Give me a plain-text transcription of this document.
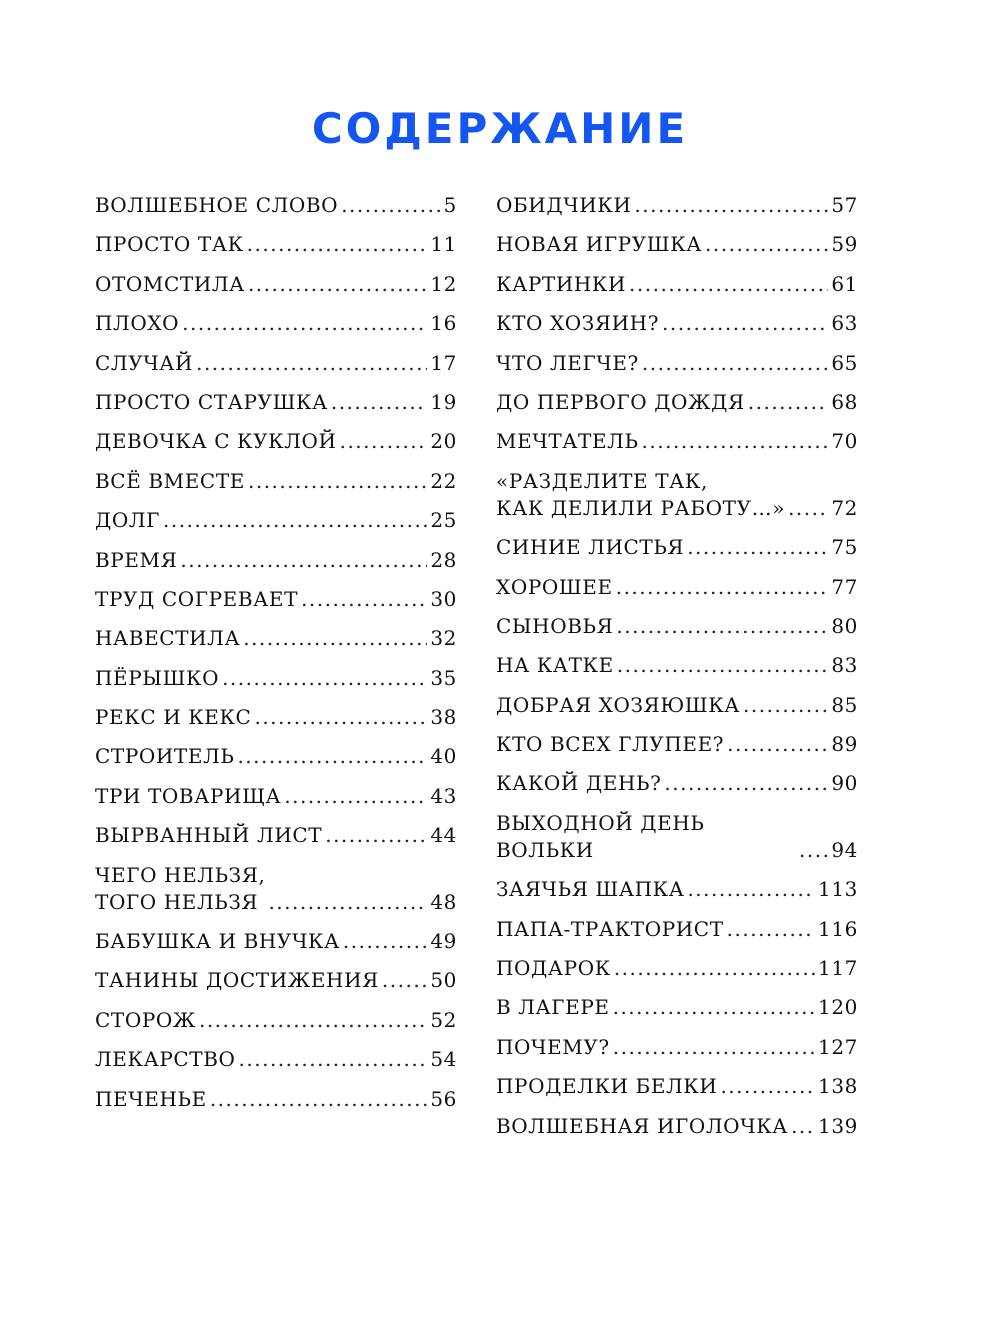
СОДЕРЖАНИЕ
ВОЛШЕБНОЕ СЛОВО .....	5
ПРОСТО ТАК .....	11
ОТОМСТИЛА .....	12
ПЛОХО .....	16
СЛУЧАЙ .....	17
ПРОСТО СТАРУШКА .....	19
ДЕВОЧКА С КУКЛОЙ .....	20
ВСЁ ВМЕСТЕ .....	22
ДОЛГ .....	25
ВРЕМЯ .....	28
ТРУД СОГРЕВАЕТ .....	30
НАВЕСТИЛА .....	32
ПЁРЫШКО .....	35
РЕКС И КЕКС .....	38
СТРОИТЕЛЬ .....	40
ТРИ ТОВАРИЩА .....	43
ВЫРВАННЫЙ ЛИСТ .....	44
ЧЕГО НЕЛЬЗЯ,
ТОГО НЕЛЬЗЯ .....	48
БАБУШКА И ВНУЧКА .....	49
ТАНИНЫ ДОСТИЖЕНИЯ .....	50
СТОРОЖ .....	52
ЛЕКАРСТВО .....	54
ПЕЧЕНЬЕ .....	56
ОБИДЧИКИ .....	57
НОВАЯ ИГРУШКА .....	59
КАРТИНКИ .....	61
КТО ХОЗЯИН? .....	63
ЧТО ЛЕГЧЕ? .....	65
ДО ПЕРВОГО ДОЖДЯ .....	68
МЕЧТАТЕЛЬ .....	70
«РАЗДЕЛИТЕ ТАК,
КАК ДЕЛИЛИ РАБОТУ…» ..... 72
СИНИЕ ЛИСТЬЯ .....	75
ХОРОШЕЕ .....	77
СЫНОВЬЯ .....	80
НА КАТКЕ .....	83
ДОБРАЯ ХОЗЯЮШКА .....	85
КТО ВСЕХ ГЛУПЕЕ? .....	89
КАКОЙ ДЕНЬ? .....	90
ВЫХОДНОЙ ДЕНЬ ВОЛЬКИ .....	94
ЗАЯЧЬЯ ШАПКА .....	113
ПАПА-ТРАКТОРИСТ .....	116
ПОДАРОК .....	117
В ЛАГЕРЕ .....	120
ПОЧЕМУ? .....	127
ПРОДЕЛКИ БЕЛКИ .....	138
ВОЛШЕБНАЯ ИГОЛОЧКА ..... 139
